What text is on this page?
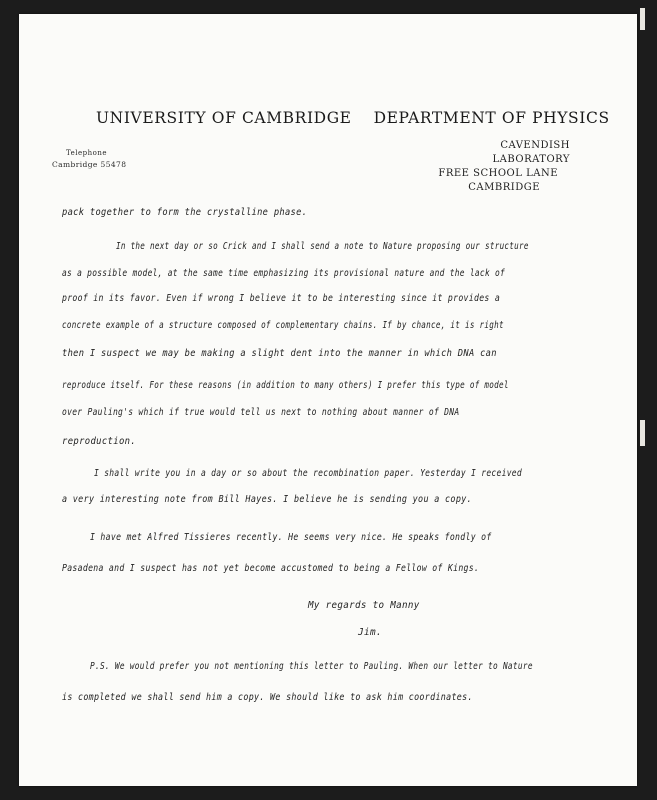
UNIVERSITY OF CAMBRIDGE DEPARTMENT OF PHYSICS
Telephone
Cambridge 55478
CAVENDISH LABORATORY
FREE SCHOOL LANE
CAMBRIDGE
pack together to form the crystalline phase.
In the next day or so Crick and I shall send a note to Nature proposing our structure
as a possible model, at the same time emphasizing its provisional nature and the lack of
proof in its favor. Even if wrong I believe it to be interesting since it provides a
concrete example of a structure composed of complementary chains. If by chance, it is right
then I suspect we may be making a slight dent into the manner in which DNA can
reproduce itself. For these reasons (in addition to many others) I prefer this type of model
over Pauling's which if true would tell us next to nothing about manner of DNA
reproduction.
I shall write you in a day or so about the recombination paper. Yesterday I received
a very interesting note from Bill Hayes. I believe he is sending you a copy.
I have met Alfred Tissieres recently. He seems very nice. He speaks fondly of
Pasadena and I suspect has not yet become accustomed to being a Fellow of Kings.
My regards to Manny
Jim.
P.S. We would prefer you not mentioning this letter to Pauling. When our letter to Nature
is completed we shall send him a copy. We should like to ask him coordinates.
